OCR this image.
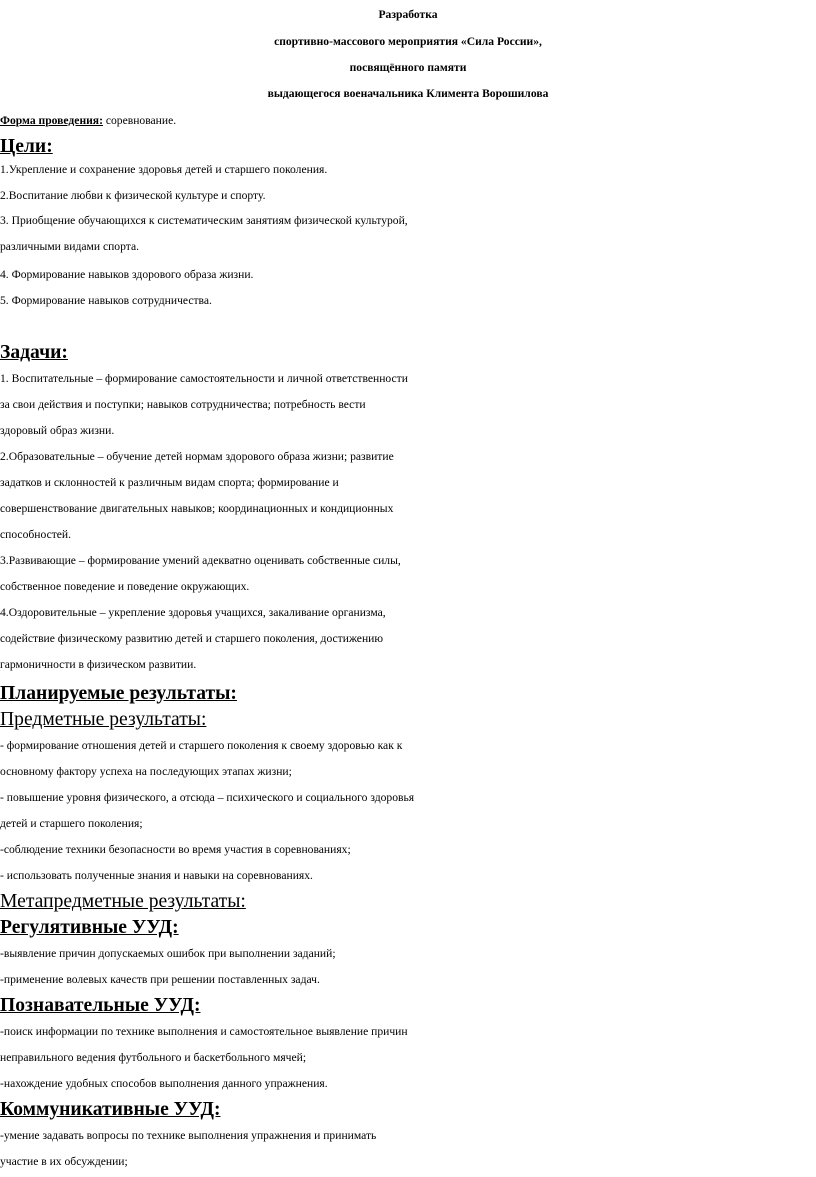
Разработка
спортивно-массового мероприятия «Сила России»,
посвящённого памяти
выдающегося военачальника Климента Ворошилова
Форма проведения: соревнование.
Цели:
1.Укрепление и сохранение здоровья детей и старшего поколения.
2.Воспитание любви к физической культуре и спорту.
3. Приобщение обучающихся к систематическим занятиям физической культурой,
различными видами спорта.
4. Формирование навыков здорового образа жизни.
5. Формирование навыков сотрудничества.
Задачи:
1. Воспитательные – формирование самостоятельности и личной ответственности
за свои действия и поступки; навыков сотрудничества; потребность вести
здоровый образ жизни.
2.Образовательные – обучение детей нормам здорового образа жизни; развитие
задатков и склонностей к различным видам спорта; формирование и
совершенствование двигательных навыков; координационных и кондиционных
способностей.
3.Развивающие – формирование умений адекватно оценивать собственные силы,
собственное поведение и поведение окружающих.
4.Оздоровительные – укрепление здоровья учащихся, закаливание организма,
содействие физическому развитию детей и старшего поколения, достижению
гармоничности в физическом развитии.
Планируемые результаты:
Предметные результаты:
- формирование отношения детей и старшего поколения к своему здоровью как к
основному фактору успеха на последующих этапах жизни;
- повышение уровня физического, а отсюда – психического и социального здоровья
детей и старшего поколения;
-соблюдение техники безопасности во время участия в соревнованиях;
- использовать полученные знания и навыки на соревнованиях.
Метапредметные результаты:
Регулятивные УУД:
-выявление причин допускаемых ошибок при выполнении заданий;
-применение волевых качеств при решении поставленных задач.
Познавательные УУД:
-поиск информации по технике выполнения и самостоятельное выявление причин
неправильного ведения футбольного и баскетбольного мячей;
-нахождение удобных способов выполнения данного упражнения.
Коммуникативные УУД:
-умение задавать вопросы по технике выполнения упражнения и принимать
участие в их обсуждении;
